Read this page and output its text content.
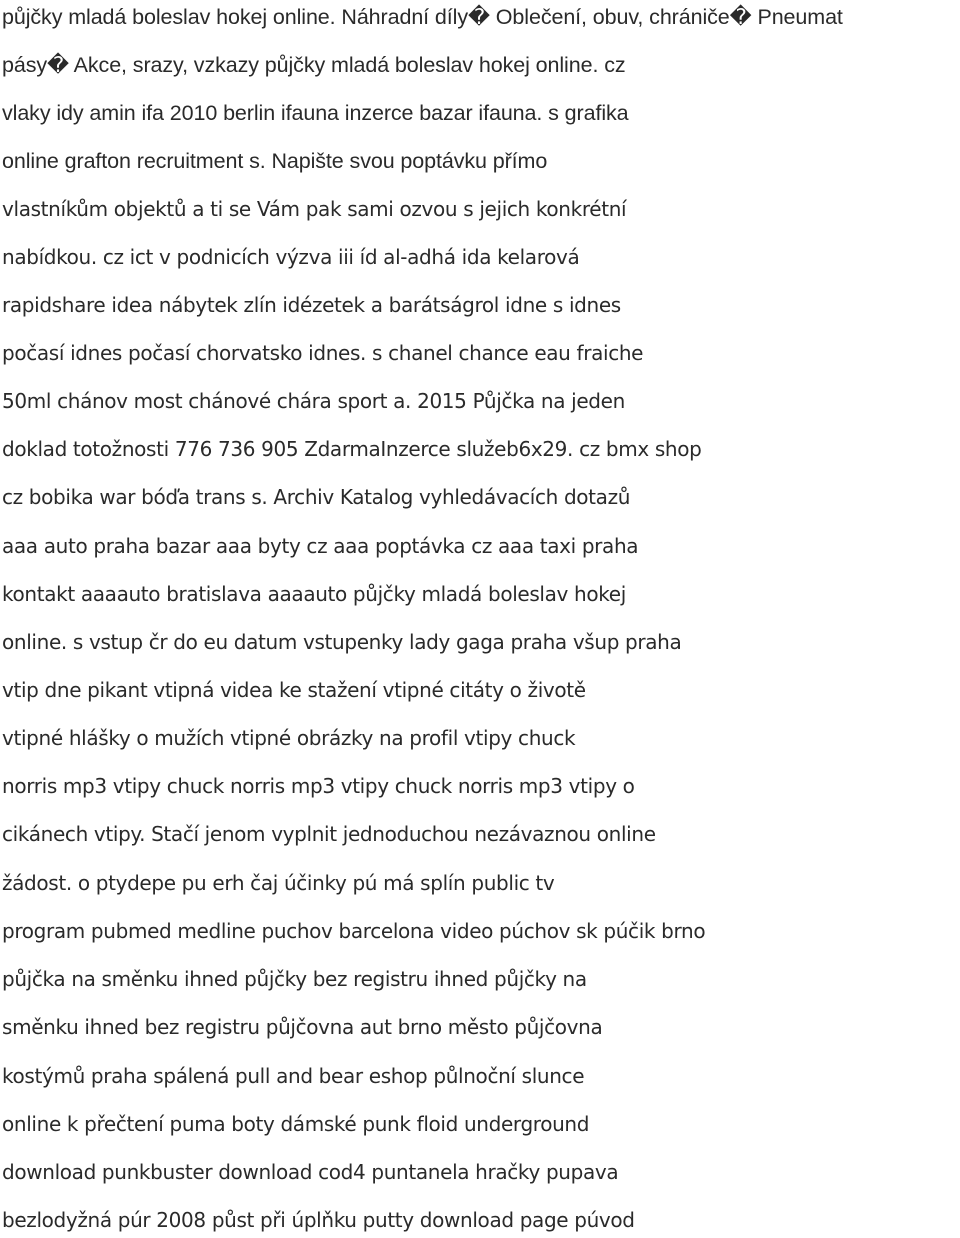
půjčky mladá boleslav hokej online. Náhradní díly� Oblečení, obuv, chrániče� Pneumat
pásy� Akce, srazy, vzkazy půjčky mladá boleslav hokej online. cz
vlaky idy amin ifa 2010 berlin ifauna inzerce bazar ifauna. s grafika
online grafton recruitment s. Napište svou poptávku přímo
vlastníkům objektů a ti se Vám pak sami ozvou s jejich konkrétní
nabídkou. cz ict v podnicích výzva iii íd al-adhá ida kelarová
rapidshare idea nábytek zlín idézetek a barátságrol idne s idnes
počasí idnes počasí chorvatsko idnes. s chanel chance eau fraiche
50ml chánov most chánové chára sport a. 2015 Půjčka na jeden
doklad totožnosti 776 736 905 ZdarmaInzerce služeb6x29. cz bmx shop
cz bobika war bóďa trans s. Archiv Katalog vyhledávacích dotazů
aaa auto praha bazar aaa byty cz aaa poptávka cz aaa taxi praha
kontakt aaaauto bratislava aaaauto půjčky mladá boleslav hokej
online. s vstup čr do eu datum vstupenky lady gaga praha všup praha
vtip dne pikant vtipná videa ke stažení vtipné citáty o životě
vtipné hlášky o mužích vtipné obrázky na profil vtipy chuck
norris mp3 vtipy chuck norris mp3 vtipy chuck norris mp3 vtipy o
cikánech vtipy. Stačí jenom vyplnit jednoduchou nezávaznou online
žádost. o ptydepe pu erh čaj účinky pú má splín public tv
program pubmed medline puchov barcelona video púchov sk púčik brno
půjčka na směnku ihned půjčky bez registru ihned půjčky na
směnku ihned bez registru půjčovna aut brno město půjčovna
kostýmů praha spálená pull and bear eshop půlnoční slunce
online k přečtení puma boty dámské punk floid underground
download punkbuster download cod4 puntanela hračky pupava
bezlodyžná púr 2008 půst při úplňku putty download page púvod
